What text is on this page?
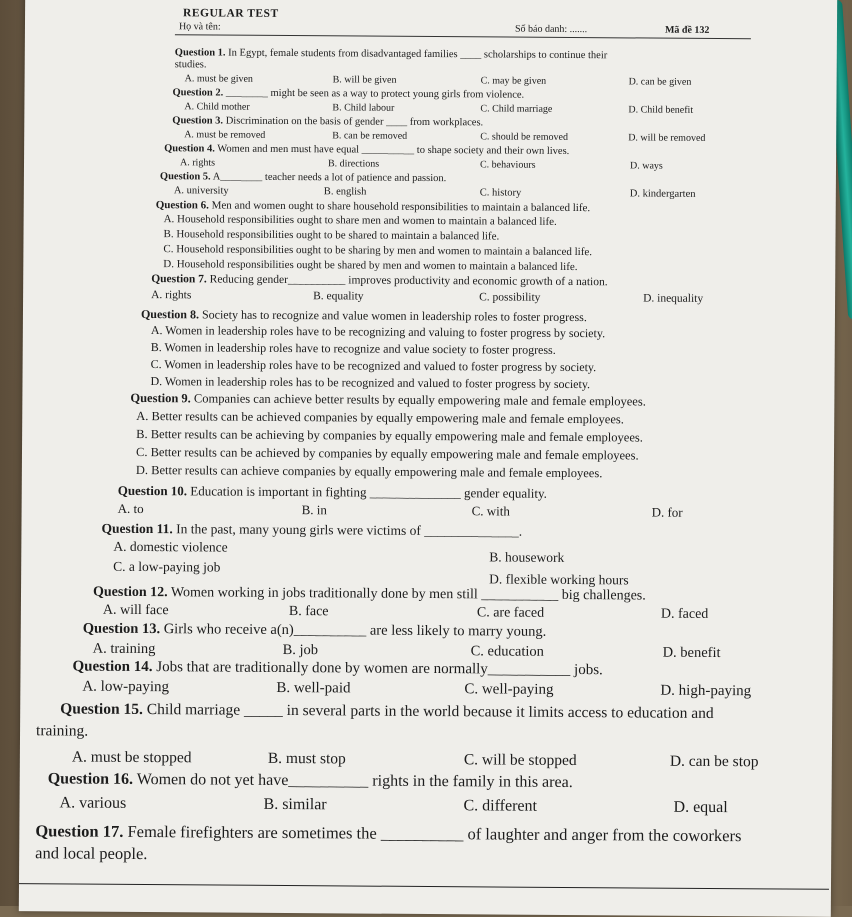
REGULAR TEST
Họ và tên:	Số báo danh: .......	Mã đề 132
Question 1. In Egypt, female students from disadvantaged families ____ scholarships to continue their
studies.
A. must be given	B. will be given	C. may be given	D. can be given
Question 2. ________ might be seen as a way to protect young girls from violence.
A. Child mother	B. Child labour	C. Child marriage	D. Child benefit
Question 3. Discrimination on the basis of gender ____ from workplaces.
A. must be removed	B. can be removed	C. should be removed	D. will be removed
Question 4. Women and men must have equal __________ to shape society and their own lives.
A. rights	B. directions	C. behaviours	D. ways
Question 5. A________ teacher needs a lot of patience and passion.
A. university	B. english	C. history	D. kindergarten
Question 6. Men and women ought to share household responsibilities to maintain a balanced life.
A. Household responsibilities ought to share men and women to maintain a balanced life.
B. Household responsibilities ought to be shared to maintain a balanced life.
C. Household responsibilities ought to be sharing by men and women to maintain a balanced life.
D. Household responsibilities ought be shared by men and women to maintain a balanced life.
Question 7. Reducing gender__________ improves productivity and economic growth of a nation.
A. rights	B. equality	C. possibility	D. inequality
Question 8. Society has to recognize and value women in leadership roles to foster progress.
A. Women in leadership roles have to be recognizing and valuing to foster progress by society.
B. Women in leadership roles have to recognize and value society to foster progress.
C. Women in leadership roles have to be recognized and valued to foster progress by society.
D. Women in leadership roles has to be recognized and valued to foster progress by society.
Question 9. Companies can achieve better results by equally empowering male and female employees.
A. Better results can be achieved companies by equally empowering male and female employees.
B. Better results can be achieving by companies by equally empowering male and female employees.
C. Better results can be achieved by companies by equally empowering male and female employees.
D. Better results can achieve companies by equally empowering male and female employees.
Question 10. Education is important in fighting ______________ gender equality.
A. to	B. in	C. with	D. for
Question 11. In the past, many young girls were victims of ______________.
A. domestic violence
B. housework
C. a low-paying job
D. flexible working hours
Question 12. Women working in jobs traditionally done by men still ___________ big challenges.
A. will face	B. face	C. are faced	D. faced
Question 13. Girls who receive a(n)__________ are less likely to marry young.
A. training	B. job	C. education	D. benefit
Question 14. Jobs that are traditionally done by women are normally___________ jobs.
A. low-paying	B. well-paid	C. well-paying	D. high-paying
Question 15. Child marriage _____ in several parts in the world because it limits access to education and
training.
A. must be stopped	B. must stop	C. will be stopped	D. can be stop
Question 16. Women do not yet have__________ rights in the family in this area.
A. various	B. similar	C. different	D. equal
Question 17. Female firefighters are sometimes the __________ of laughter and anger from the coworkers
and local people.
